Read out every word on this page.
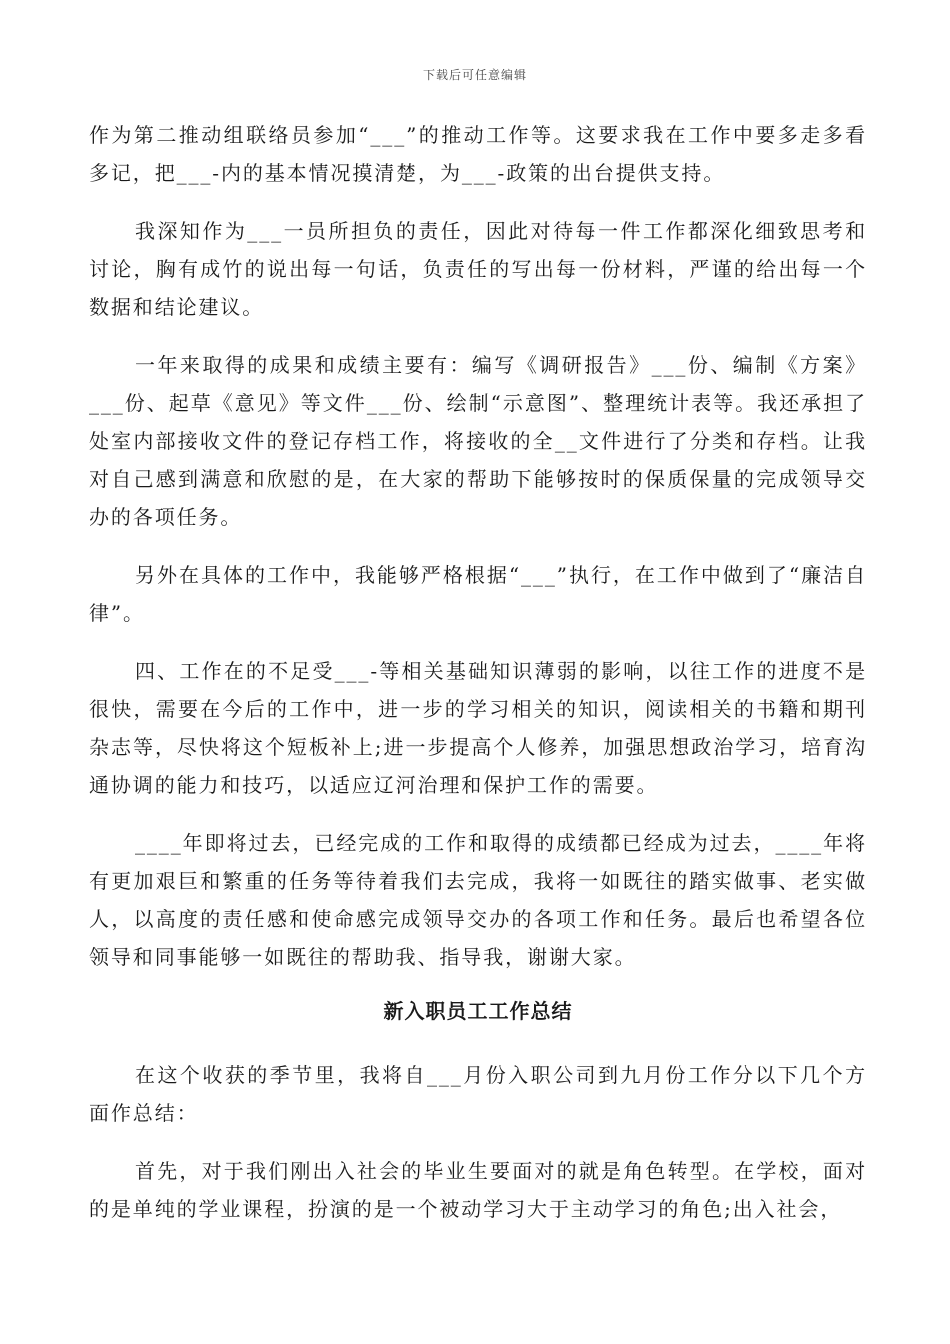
下载后可任意编辑

作为第二推动组联络员参加“___”的推动工作等。这要求我在工作中要多走多看多记，把___-内的基本情况摸清楚，为___-政策的出台提供支持。

我深知作为___一员所担负的责任，因此对待每一件工作都深化细致思考和讨论，胸有成竹的说出每一句话，负责任的写出每一份材料，严谨的给出每一个数据和结论建议。

一年来取得的成果和成绩主要有：编写《调研报告》___份、编制《方案》___份、起草《意见》等文件___份、绘制“示意图”、整理统计表等。我还承担了处室内部接收文件的登记存档工作，将接收的全__文件进行了分类和存档。让我对自己感到满意和欣慰的是，在大家的帮助下能够按时的保质保量的完成领导交办的各项任务。

另外在具体的工作中，我能够严格根据“___”执行，在工作中做到了“廉洁自律”。

四、工作在的不足受___-等相关基础知识薄弱的影响，以往工作的进度不是很快，需要在今后的工作中，进一步的学习相关的知识，阅读相关的书籍和期刊杂志等，尽快将这个短板补上;进一步提高个人修养，加强思想政治学习，培育沟通协调的能力和技巧，以适应辽河治理和保护工作的需要。

____年即将过去，已经完成的工作和取得的成绩都已经成为过去，____年将有更加艰巨和繁重的任务等待着我们去完成，我将一如既往的踏实做事、老实做人，以高度的责任感和使命感完成领导交办的各项工作和任务。最后也希望各位领导和同事能够一如既往的帮助我、指导我，谢谢大家。

新入职员工工作总结

在这个收获的季节里，我将自___月份入职公司到九月份工作分以下几个方面作总结：

首先，对于我们刚出入社会的毕业生要面对的就是角色转型。在学校，面对的是单纯的学业课程，扮演的是一个被动学习大于主动学习的角色;出入社会，
